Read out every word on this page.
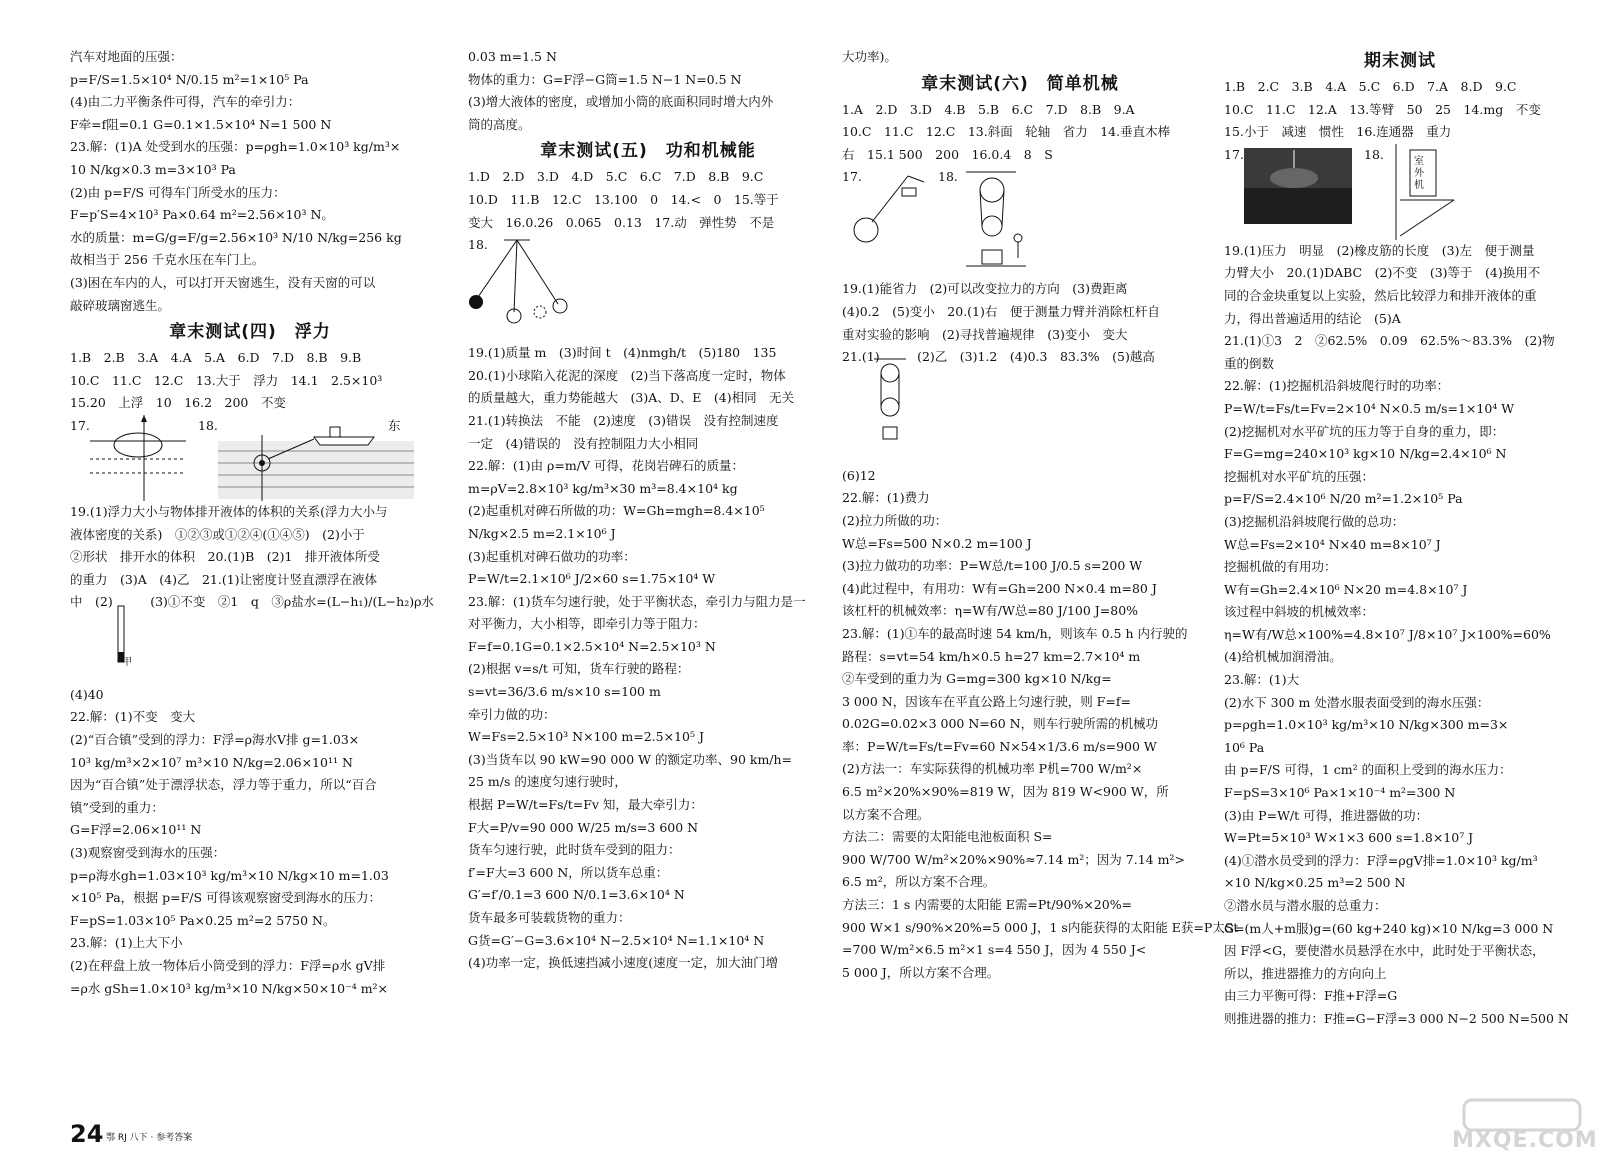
汽车对地面的压强：
p=F/S=1.5×10⁴ N/0.15 m²=1×10⁵ Pa
(4)由二力平衡条件可得，汽车的牵引力：
F牵=f阻=0.1 G=0.1×1.5×10⁴ N=1 500 N
23.解：(1)A 处受到水的压强：p=ρgh=1.0×10³ kg/m³×
10 N/kg×0.3 m=3×10³ Pa
(2)由 p=F/S 可得车门所受水的压力：
F=p′S=4×10³ Pa×0.64 m²=2.56×10³ N。
水的质量：m=G/g=F/g=2.56×10³ N/10 N/kg=256 kg
故相当于 256 千克水压在车门上。
(3)困在车内的人，可以打开天窗逃生，没有天窗的可以
敲碎玻璃窗逃生。
章末测试(四)　浮力
1.B　2.B　3.A　4.A　5.A　6.D　7.D　8.B　9.B
10.C　11.C　12.C　13.大于　浮力　14.1　2.5×10³
15.20　上浮　10　16.2　200　不变
17.	18.	东
19.(1)浮力大小与物体排开液体的体积的关系(浮力大小与
液体密度的关系)　①②③或①②④(①④⑤)　(2)小于
②形状　排开水的体积　20.(1)B　(2)1　排开液体所受
的重力　(3)A　(4)乙　21.(1)让密度计竖直漂浮在液体
中　(2)　　　(3)①不变　②1　q　③ρ盐水=(L−h₁)/(L−h₂)ρ水
甲
(4)40
22.解：(1)不变　变大
(2)“百合镇”受到的浮力：F浮=ρ海水V排 g=1.03×
10³ kg/m³×2×10⁷ m³×10 N/kg=2.06×10¹¹ N
因为“百合镇”处于漂浮状态，浮力等于重力，所以“百合
镇”受到的重力：
G=F浮=2.06×10¹¹ N
(3)观察窗受到海水的压强：
p=ρ海水gh=1.03×10³ kg/m³×10 N/kg×10 m=1.03
×10⁵ Pa，根据 p=F/S 可得该观察窗受到海水的压力：
F=pS=1.03×10⁵ Pa×0.25 m²=2 5750 N。
23.解：(1)上大下小
(2)在秤盘上放一物体后小筒受到的浮力：F浮=ρ水 gV排
=ρ水 gSh=1.0×10³ kg/m³×10 N/kg×50×10⁻⁴ m²×
0.03 m=1.5 N
物体的重力：G=F浮−G筒=1.5 N−1 N=0.5 N
(3)增大液体的密度，或增加小筒的底面积同时增大内外
筒的高度。
章末测试(五)　功和机械能
1.D　2.D　3.D　4.D　5.C　6.C　7.D　8.B　9.C
10.D　11.B　12.C　13.100　0　14.<　0　15.等于
变大　16.0.26　0.065　0.13　17.动　弹性势　不是
18.
19.(1)质量 m　(3)时间 t　(4)nmgh/t　(5)180　135
20.(1)小球陷入花泥的深度　(2)当下落高度一定时，物体
的质量越大，重力势能越大　(3)A、D、E　(4)相同　无关
21.(1)转换法　不能　(2)速度　(3)错误　没有控制速度
一定　(4)错误的　没有控制阻力大小相同
22.解：(1)由 ρ=m/V 可得，花岗岩碑石的质量：
m=ρV=2.8×10³ kg/m³×30 m³=8.4×10⁴ kg
(2)起重机对碑石所做的功：W=Gh=mgh=8.4×10⁵
N/kg×2.5 m=2.1×10⁶ J
(3)起重机对碑石做功的功率：
P=W/t=2.1×10⁶ J/2×60 s=1.75×10⁴ W
23.解：(1)货车匀速行驶，处于平衡状态，牵引力与阻力是一
对平衡力，大小相等，即牵引力等于阻力：
F=f=0.1G=0.1×2.5×10⁴ N=2.5×10³ N
(2)根据 v=s/t 可知，货车行驶的路程：
s=vt=36/3.6 m/s×10 s=100 m
牵引力做的功：
W=Fs=2.5×10³ N×100 m=2.5×10⁵ J
(3)当货车以 90 kW=90 000 W 的额定功率、90 km/h=
25 m/s 的速度匀速行驶时，
根据 P=W/t=Fs/t=Fv 知，最大牵引力：
F大=P/v=90 000 W/25 m/s=3 600 N
货车匀速行驶，此时货车受到的阻力：
f′=F大=3 600 N，所以货车总重：
G′=f′/0.1=3 600 N/0.1=3.6×10⁴ N
货车最多可装载货物的重力：
G货=G′−G=3.6×10⁴ N−2.5×10⁴ N=1.1×10⁴ N
(4)功率一定，换低速挡减小速度(速度一定，加大油门增
大功率)。
章末测试(六)　简单机械
1.A　2.D　3.D　4.B　5.B　6.C　7.D　8.B　9.A
10.C　11.C　12.C　13.斜面　轮轴　省力　14.垂直木棒
右　15.1 500　200　16.0.4　8　S
17.	18.
19.(1)能省力　(2)可以改变拉力的方向　(3)费距离
(4)0.2　(5)变小　20.(1)右　便于测量力臂并消除杠杆自
重对实验的影响　(2)寻找普遍规律　(3)变小　变大
21.(1)　　　(2)乙　(3)1.2　(4)0.3　83.3%　(5)越高
(6)12
22.解：(1)费力
(2)拉力所做的功：
W总=Fs=500 N×0.2 m=100 J
(3)拉力做功的功率：P=W总/t=100 J/0.5 s=200 W
(4)此过程中，有用功：W有=Gh=200 N×0.4 m=80 J
该杠杆的机械效率：η=W有/W总=80 J/100 J=80%
23.解：(1)①车的最高时速 54 km/h，则该车 0.5 h 内行驶的
路程：s=vt=54 km/h×0.5 h=27 km=2.7×10⁴ m
②车受到的重力为 G=mg=300 kg×10 N/kg=
3 000 N，因该车在平直公路上匀速行驶，则 F=f=
0.02G=0.02×3 000 N=60 N，则车行驶所需的机械功
率：P=W/t=Fs/t=Fv=60 N×54×1/3.6 m/s=900 W
(2)方法一：车实际获得的机械功率 P机=700 W/m²×
6.5 m²×20%×90%=819 W，因为 819 W<900 W，所
以方案不合理。
方法二：需要的太阳能电池板面积 S=
900 W/700 W/m²×20%×90%≈7.14 m²；因为 7.14 m²>
6.5 m²，所以方案不合理。
方法三：1 s 内需要的太阳能 E需=Pt/90%×20%=
900 W×1 s/90%×20%=5 000 J，1 s内能获得的太阳能 E获=P太St
=700 W/m²×6.5 m²×1 s=4 550 J，因为 4 550 J<
5 000 J，所以方案不合理。
期末测试
1.B　2.C　3.B　4.A　5.C　6.D　7.A　8.D　9.C
10.C　11.C　12.A　13.等臂　50　25　14.mg　不变
15.小于　减速　惯性　16.连通器　重力
17.	18.	室外机
19.(1)压力　明显　(2)橡皮筋的长度　(3)左　便于测量
力臂大小　20.(1)DABC　(2)不变　(3)等于　(4)换用不
同的合金块重复以上实验，然后比较浮力和排开液体的重
力，得出普遍适用的结论　(5)A
21.(1)①3　2　②62.5%　0.09　62.5%～83.3%　(2)物
重的倒数
22.解：(1)挖掘机沿斜坡爬行时的功率：
P=W/t=Fs/t=Fv=2×10⁴ N×0.5 m/s=1×10⁴ W
(2)挖掘机对水平矿坑的压力等于自身的重力，即：
F=G=mg=240×10³ kg×10 N/kg=2.4×10⁶ N
挖掘机对水平矿坑的压强：
p=F/S=2.4×10⁶ N/20 m²=1.2×10⁵ Pa
(3)挖掘机沿斜坡爬行做的总功：
W总=Fs=2×10⁴ N×40 m=8×10⁷ J
挖掘机做的有用功：
W有=Gh=2.4×10⁶ N×20 m=4.8×10⁷ J
该过程中斜坡的机械效率：
η=W有/W总×100%=4.8×10⁷ J/8×10⁷ J×100%=60%
(4)给机械加润滑油。
23.解：(1)大
(2)水下 300 m 处潜水服表面受到的海水压强：
p=ρgh=1.0×10³ kg/m³×10 N/kg×300 m=3×
10⁶ Pa
由 p=F/S 可得，1 cm² 的面积上受到的海水压力：
F=pS=3×10⁶ Pa×1×10⁻⁴ m²=300 N
(3)由 P=W/t 可得，推进器做的功：
W=Pt=5×10³ W×1×3 600 s=1.8×10⁷ J
(4)①潜水员受到的浮力：F浮=ρgV排=1.0×10³ kg/m³
×10 N/kg×0.25 m³=2 500 N
②潜水员与潜水服的总重力：
G=(m人+m服)g=(60 kg+240 kg)×10 N/kg=3 000 N
因 F浮<G，要使潜水员悬浮在水中，此时处于平衡状态，
所以，推进器推力的方向向上
由三力平衡可得：F推+F浮=G
则推进器的推力：F推=G−F浮=3 000 N−2 500 N=500 N
24 鄂 RJ 八下 · 参考答案	MXQE.COM
